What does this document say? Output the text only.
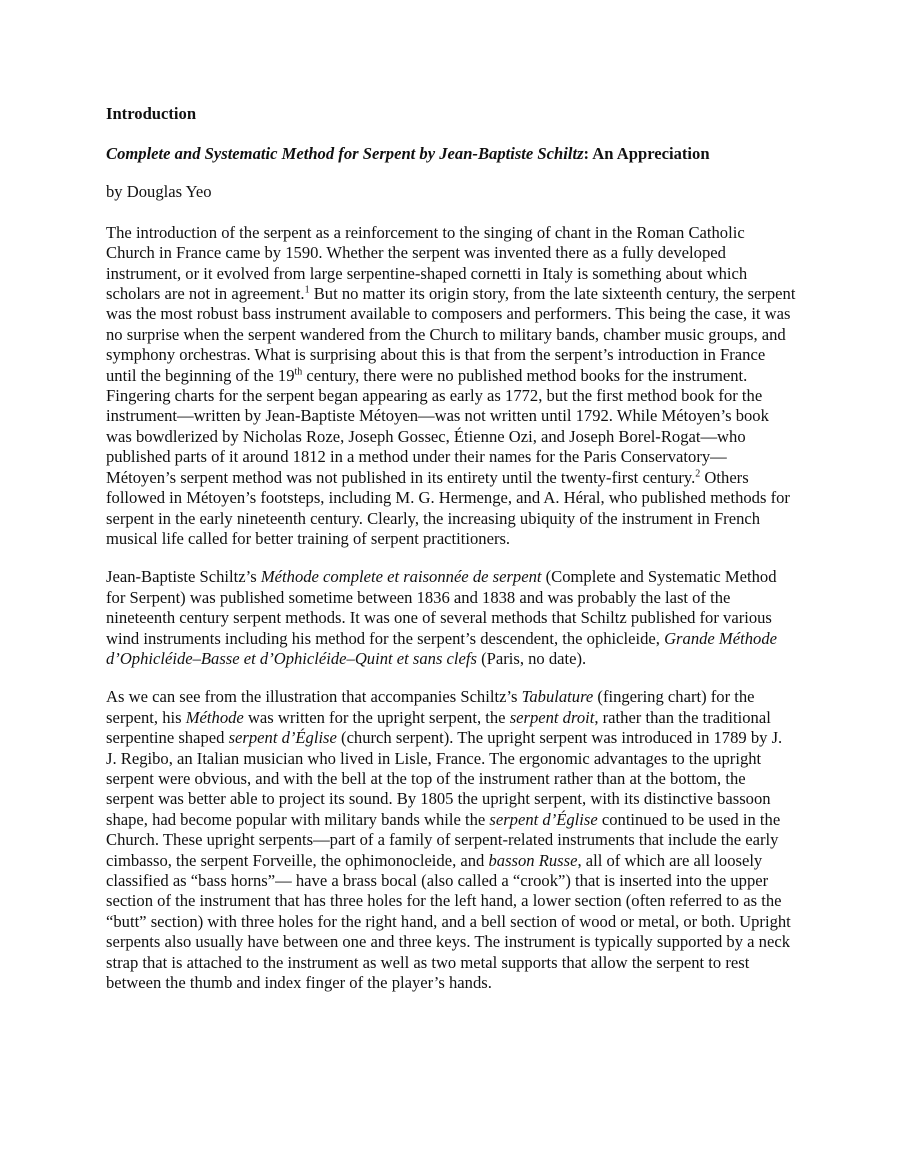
Introduction
Complete and Systematic Method for Serpent by Jean-Baptiste Schiltz: An Appreciation
by Douglas Yeo

The introduction of the serpent as a reinforcement to the singing of chant in the Roman Catholic Church in France came by 1590. Whether the serpent was invented there as a fully developed instrument, or it evolved from large serpentine-shaped cornetti in Italy is something about which scholars are not in agreement.$^1$ But no matter its origin story, from the late sixteenth century, the serpent was the most robust bass instrument available to composers and performers. This being the case, it was no surprise when the serpent wandered from the Church to military bands, chamber music groups, and symphony orchestras. What is surprising about this is that from the serpent’s introduction in France until the beginning of the 19th century, there were no published method books for the instrument. Fingering charts for the serpent began appearing as early as 1772, but the first method book for the instrument—written by Jean-Baptiste Métoyen—was not written until 1792. While Métoyen’s book was bowdlerized by Nicholas Roze, Joseph Gossec, Étienne Ozi, and Joseph Borel-Rogat—who published parts of it around 1812 in a method under their names for the Paris Conservatory—Métoyen’s serpent method was not published in its entirety until the twenty-first century.$^2$ Others followed in Métoyen’s footsteps, including M. G. Hermenge, and A. Héral, who published methods for serpent in the early nineteenth century. Clearly, the increasing ubiquity of the instrument in French musical life called for better training of serpent practitioners.

Jean-Baptiste Schiltz’s Méthode complete et raisonnée de serpent (Complete and Systematic Method for Serpent) was published sometime between 1836 and 1838 and was probably the last of the nineteenth century serpent methods. It was one of several methods that Schiltz published for various wind instruments including his method for the serpent’s descendent, the ophicleide, Grande Méthode d’Ophicléide–Basse et d’Ophicléide–Quint et sans clefs (Paris, no date).

As we can see from the illustration that accompanies Schiltz’s Tabulature (fingering chart) for the serpent, his Méthode was written for the upright serpent, the serpent droit, rather than the traditional serpentine shaped serpent d’Église (church serpent). The upright serpent was introduced in 1789 by J. J. Regibo, an Italian musician who lived in Lisle, France. The ergonomic advantages to the upright serpent were obvious, and with the bell at the top of the instrument rather than at the bottom, the serpent was better able to project its sound. By 1805 the upright serpent, with its distinctive bassoon shape, had become popular with military bands while the serpent d’Église continued to be used in the Church. These upright serpents—part of a family of serpent-related instruments that include the early cimbasso, the serpent Forveille, the ophimonocleide, and basson Russe, all of which are all loosely classified as “bass horns”— have a brass bocal (also called a “crook”) that is inserted into the upper section of the instrument that has three holes for the left hand, a lower section (often referred to as the “butt” section) with three holes for the right hand, and a bell section of wood or metal, or both. Upright serpents also usually have between one and three keys. The instrument is typically supported by a neck strap that is attached to the instrument as well as two metal supports that allow the serpent to rest between the thumb and index finger of the player’s hands.
